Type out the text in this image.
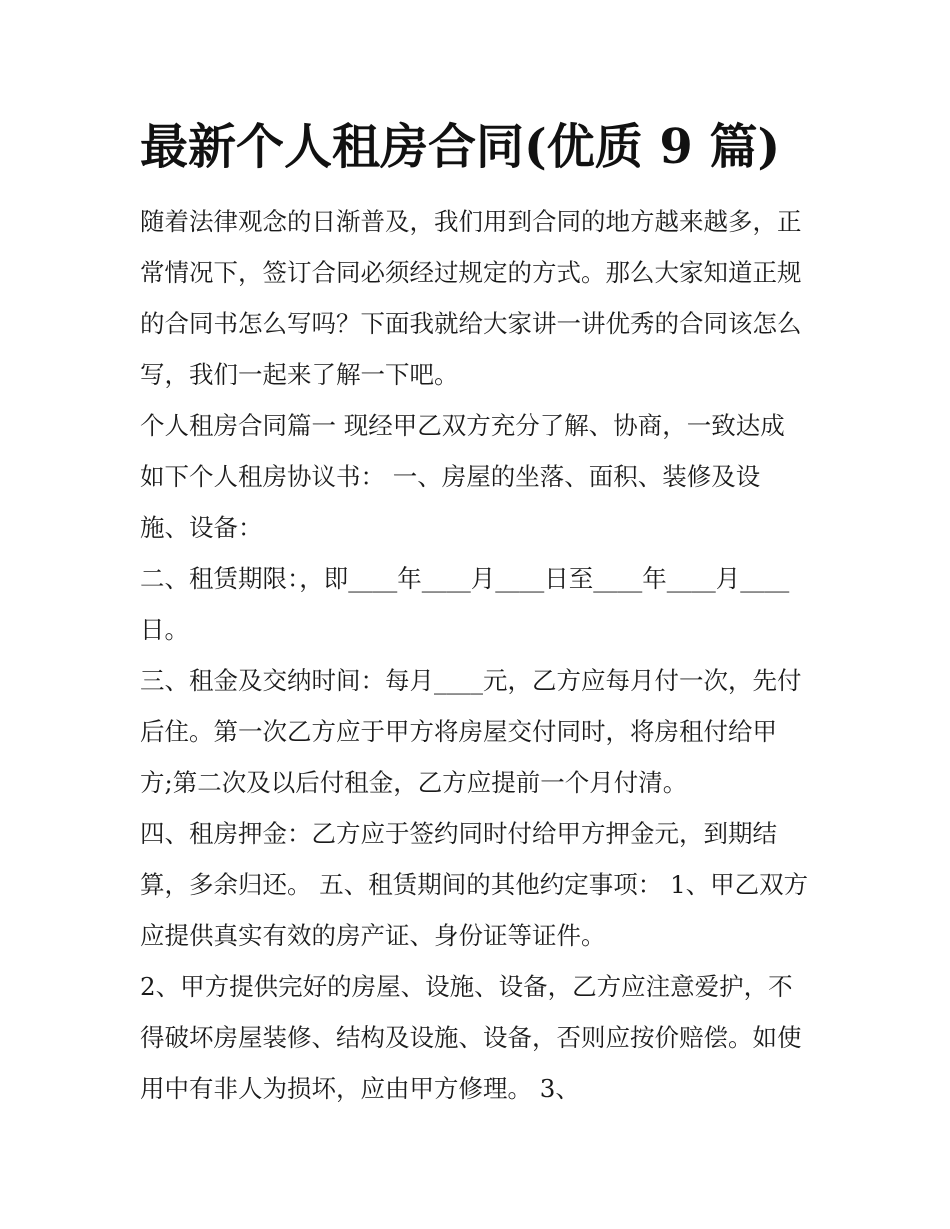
最新个人租房合同(优质 9 篇)

随着法律观念的日渐普及，我们用到合同的地方越来越多，正
常情况下，签订合同必须经过规定的方式。那么大家知道正规
的合同书怎么写吗？下面我就给大家讲一讲优秀的合同该怎么
写，我们一起来了解一下吧。

个人租房合同篇一 现经甲乙双方充分了解、协商，一致达成
如下个人租房协议书： 一、房屋的坐落、面积、装修及设
施、设备：

二、租赁期限：，即____年____月____日至____年____月____
日。

三、租金及交纳时间：每月____元，乙方应每月付一次，先付
后住。第一次乙方应于甲方将房屋交付同时，将房租付给甲
方;第二次及以后付租金，乙方应提前一个月付清。

四、租房押金：乙方应于签约同时付给甲方押金元，到期结
算，多余归还。 五、租赁期间的其他约定事项： 1、甲乙双方
应提供真实有效的房产证、身份证等证件。

2、甲方提供完好的房屋、设施、设备，乙方应注意爱护，不
得破坏房屋装修、结构及设施、设备，否则应按价赔偿。如使
用中有非人为损坏，应由甲方修理。 3、
